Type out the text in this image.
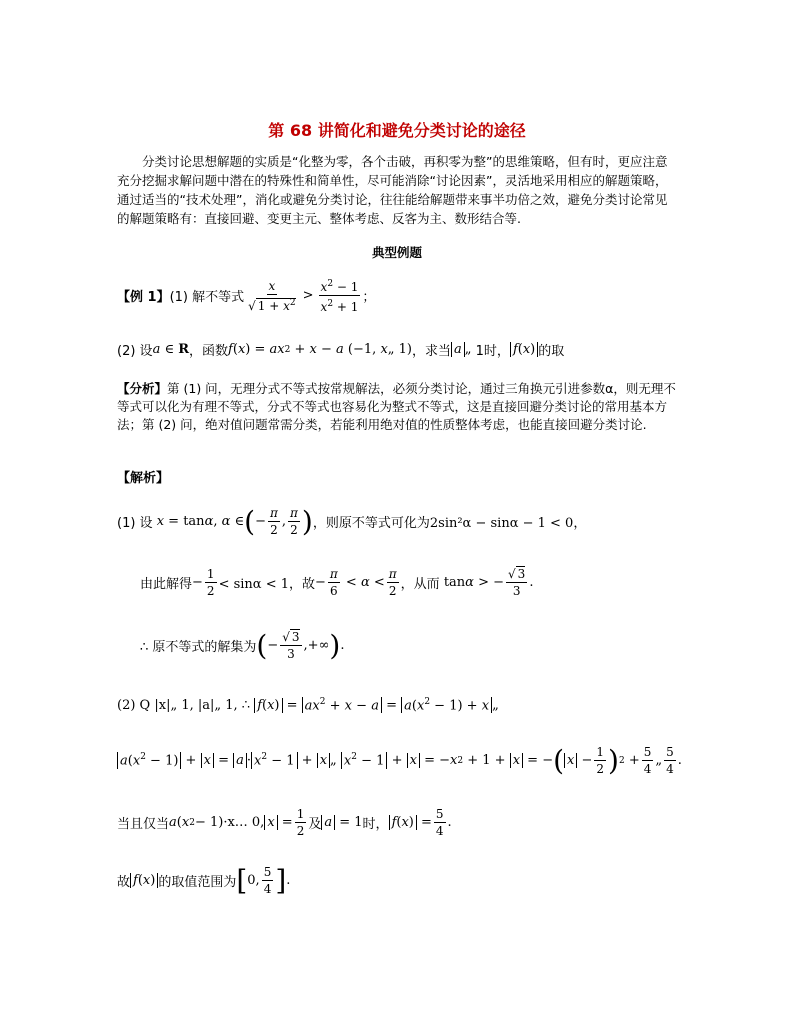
第 68 讲简化和避免分类讨论的途径
分类讨论思想解题的实质是“化整为零，各个击破，再积零为整”的思维策略，但有时，更应注意充分挖掘求解问题中潜在的特殊性和简单性，尽可能消除“讨论因素”，灵活地采用相应的解题策略，通过适当的“技术处理”，消化或避免分类讨论，往往能给解题带来事半功倍之效，避免分类讨论常见的解题策略有：直接回避、变更主元、整体考虑、反客为主、数形结合等.
典型例题
【例 1】 (1) 解不等式 $\frac{x}{√ 1 + x^2} > \frac{x^2 - 1}{x^2 + 1}$ ；
(2) 设 a ∈ R ，函数 f ( x ) = ax 2 + x − a (−1, x „ 1) ，求当 a „ 1时， f(x) 的取
【分析】第 (1) 问，无理分式不等式按常规解法，必须分类讨论，通过三角换元引进参数α，则无理不等式可以化为有理不等式，分式不等式也容易化为整式不等式，这是直接回避分类讨论的常用基本方法；第 (2) 问，绝对值问题常需分类，若能利用绝对值的性质整体考虑，也能直接回避分类讨论.
【解析】
(1) 设
x = tan α , α ∈ ( − $\frac{\pi}{2}$ , $\frac{\pi}{2}$ ) ，则原不等式可化为 2sin²α − sinα − 1 < 0，
由此解得 − $\frac{1}{2} < \sin\alpha < 1$，故 − $\frac{\pi}{6} < \alpha < \frac{\pi}{2}$ ，从而 tan α > − $\frac{√ 3}{3}$ .
∴ 原不等式的解集为 ( − $\frac{√ 3}{3}$ ,+∞ ) .
(2) Q
|x|„ 1, |a|„ 1, ∴
$f(x) = ax^2 + x - a = a(x^2 - 1) + x$ „
$a(x^2 - 1) + x = a \cdot x^2 - 1 + x$ „ $x^2 - 1 + x$ = − x 2 + 1 + x = − ( $x - \frac{1}{2}$ ) $2 + \frac{5}{4}$ „ $\frac{5}{4}$ .
当且仅当 a ( x 2 − 1) ·x… 0, $x = \frac{1}{2}$ 及 a = 1 时， $f(x) = \frac{5}{4}$ .
故 f(x) 的取值范围为 [ 0, $\frac{5}{4}$ ] .
